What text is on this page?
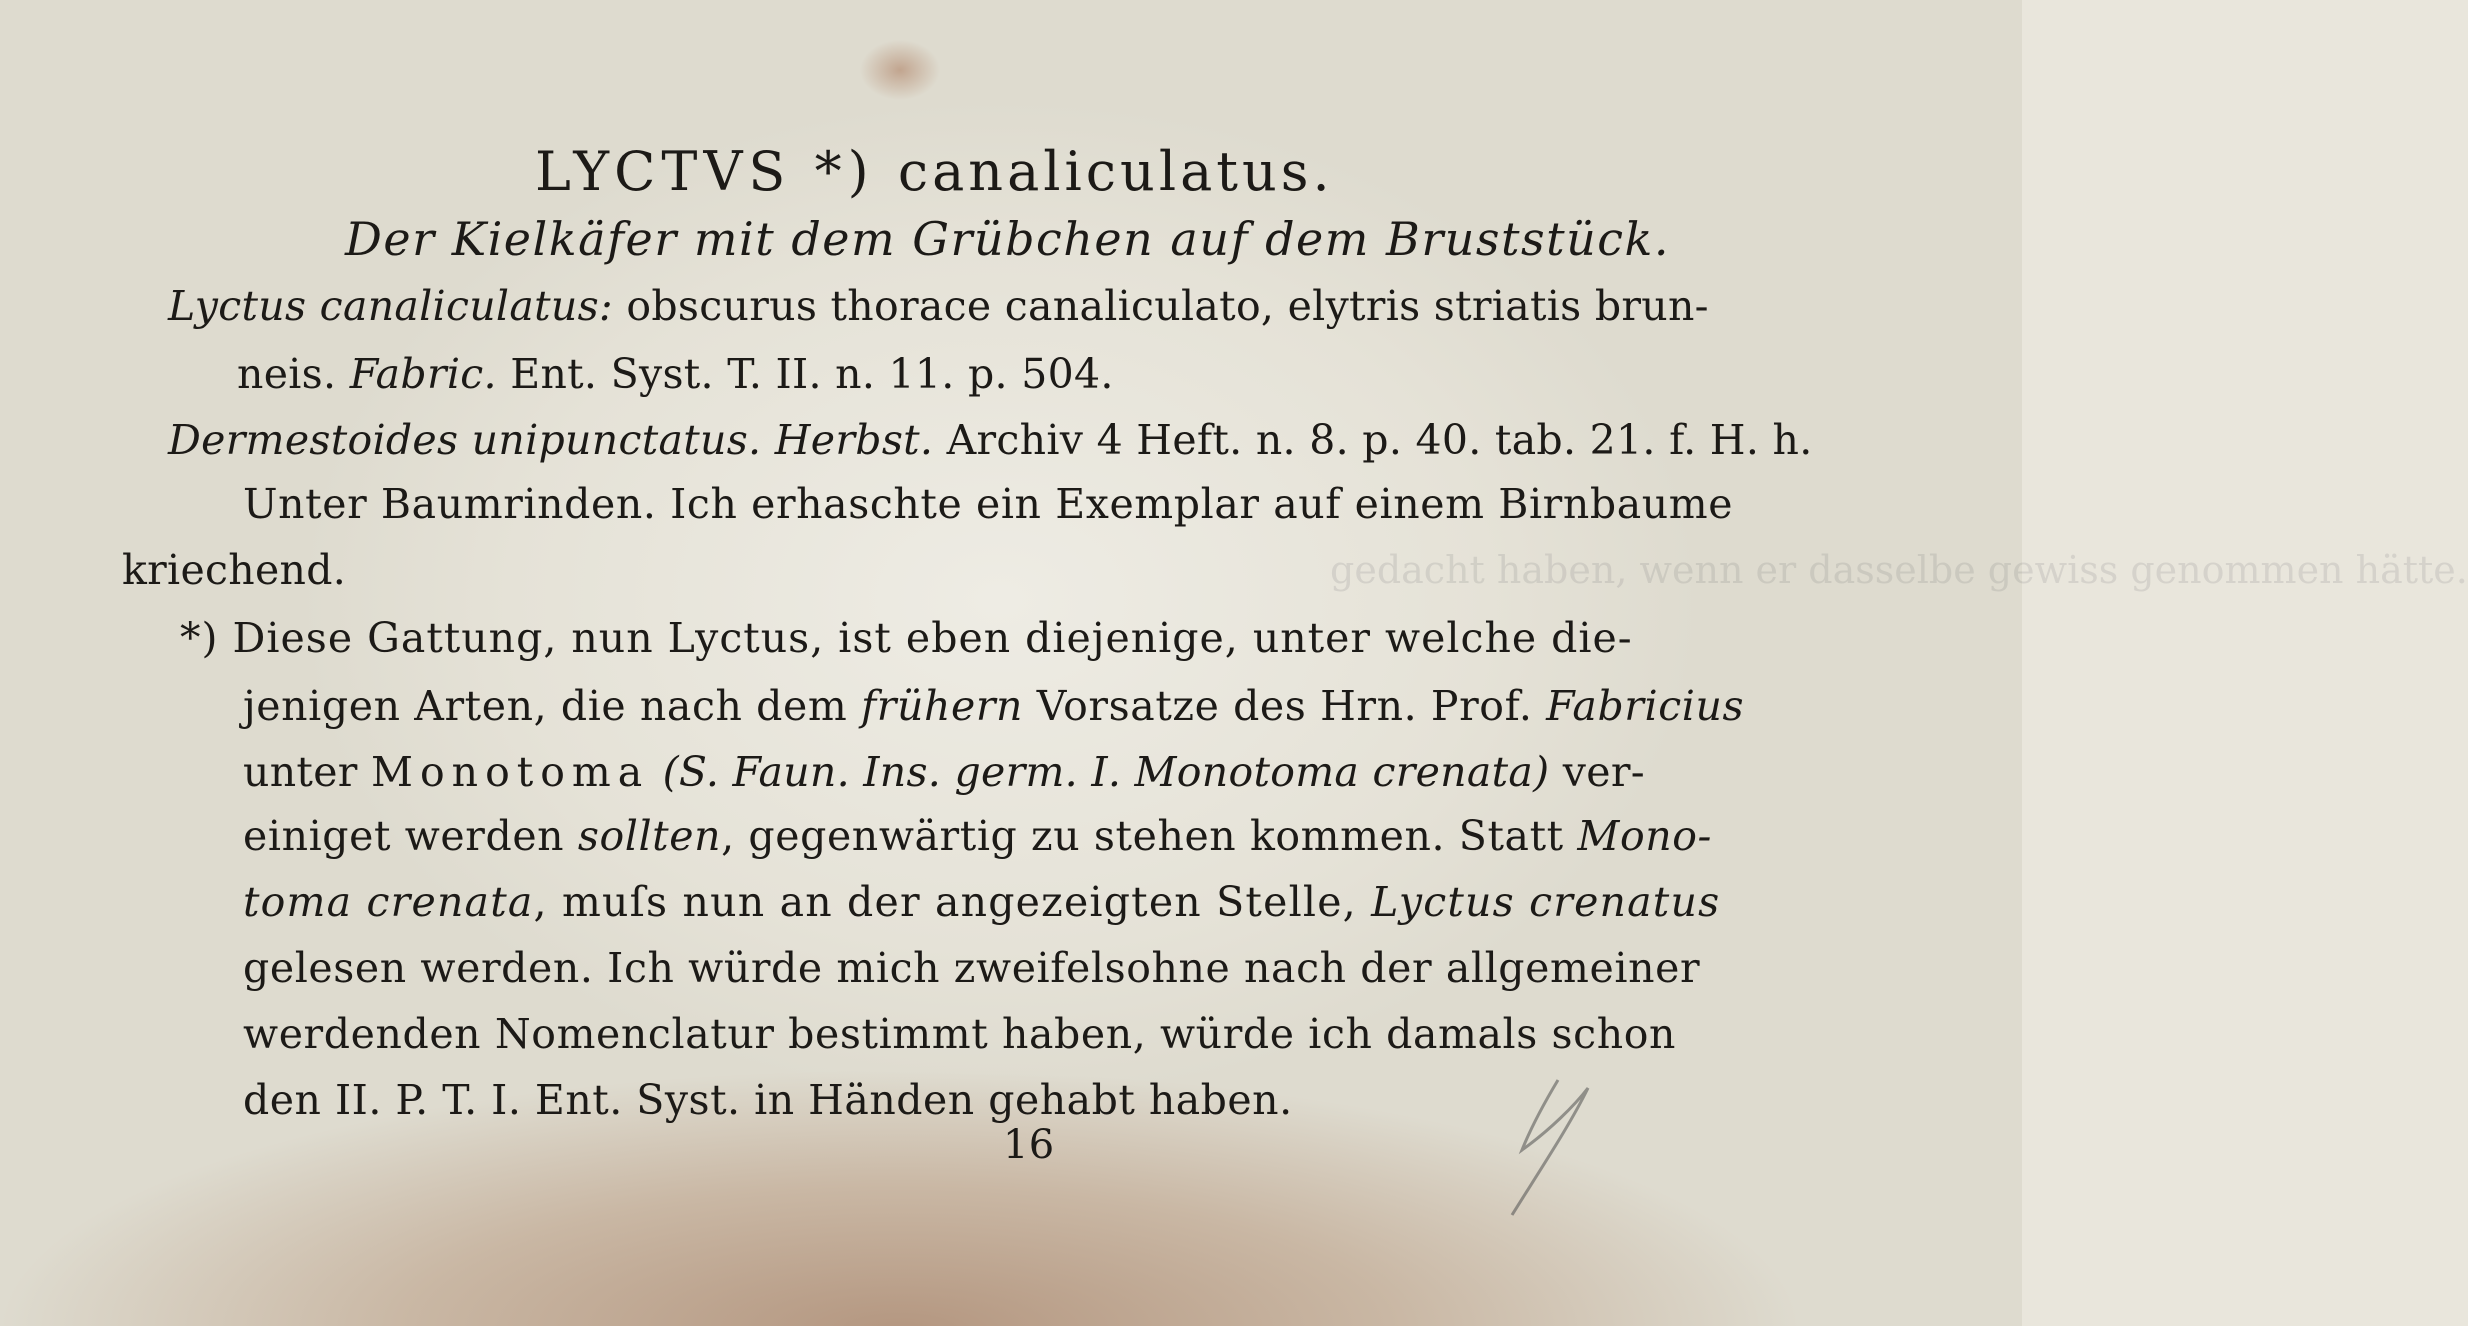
gedacht haben, wenn er dasselbe gewiss genommen hätte.
LYCTVS *) canaliculatus.
Der Kielkäfer mit dem Grübchen auf dem Bruststück.
Lyctus canaliculatus: obscurus thorace canaliculato, elytris striatis brun-
neis. Fabric. Ent. Syst. T. II. n. 11. p. 504.
Dermestoides unipunctatus. Herbst. Archiv 4 Heft. n. 8. p. 40. tab. 21. f. H. h.
Unter Baumrinden. Ich erhaschte ein Exemplar auf einem Birnbaume
kriechend.
*) Diese Gattung, nun Lyctus, ist eben diejenige, unter welche die-
jenigen Arten, die nach dem frühern Vorsatze des Hrn. Prof. Fabricius
unter Monotoma (S. Faun. Ins. germ. I. Monotoma crenata) ver-
einiget werden sollten, gegenwärtig zu stehen kommen. Statt Mono-
toma crenata, muſs nun an der angezeigten Stelle, Lyctus crenatus
gelesen werden. Ich würde mich zweifelsohne nach der allgemeiner
werdenden Nomenclatur bestimmt haben, würde ich damals schon
den II. P. T. I. Ent. Syst. in Händen gehabt haben.
16
